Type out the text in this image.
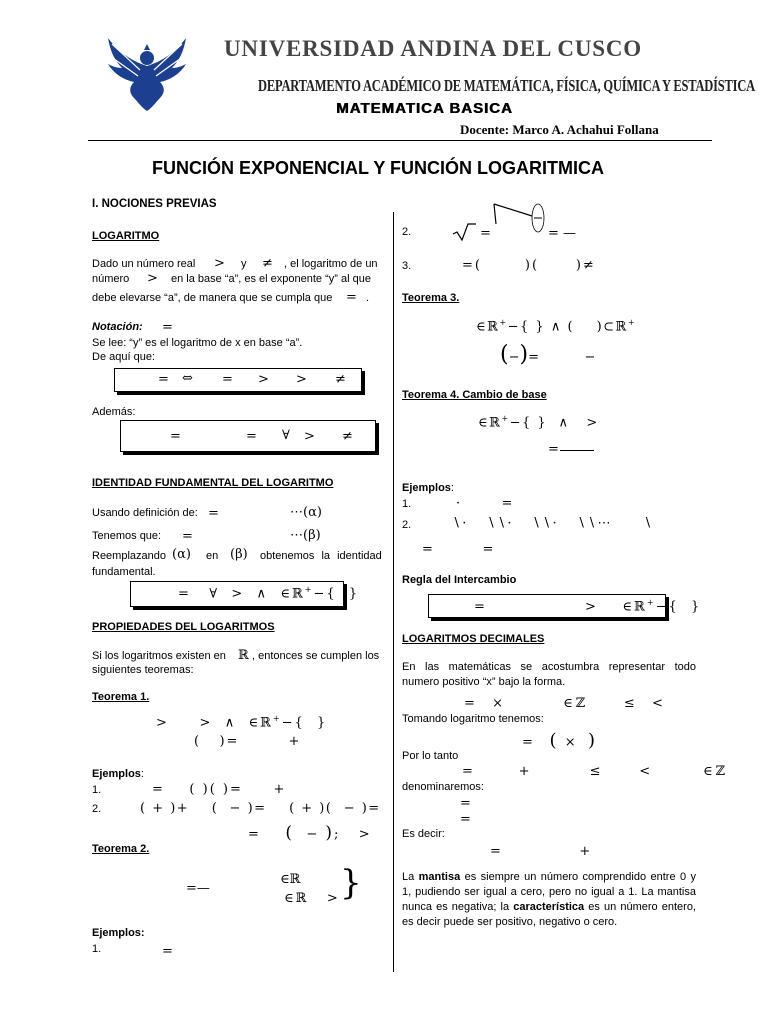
UNIVERSIDAD ANDINA DEL CUSCO
DEPARTAMENTO ACADÉMICO DE MATEMÁTICA, FÍSICA, QUÍMICA Y ESTADÍSTICA
MATEMATICA BASICA
Docente: Marco A. Achahui Follana
FUNCIÓN EXPONENCIAL Y FUNCIÓN LOGARITMICA
I. NOCIONES PREVIAS
LOGARITMO
Dado un número real > y ≠ , el logaritmo de un
número > en la base “a”, es el exponente “y” al que
debe elevarse “a”, de manera que se cumpla que = .
Notación: =
Se lee: “y” es el logaritmo de x en base “a”.
De aquí que:
= ⇔ = > > ≠
Además:
=	= ∀ > ≠
IDENTIDAD FUNDAMENTAL DEL LOGARITMO
Usando definición de: =	⋯(α)
Tenemos que: =	⋯(β)
Reemplazando (α) en (β) obtenemos la identidad
fundamental.
=   ∀  >  ∧  ∈ℝ+−{  }
PROPIEDADES DEL LOGARITMOS
Si los logaritmos existen en ℝ , entonces se cumplen los
siguientes teoremas:
Teorema 1.
>     >  ∧  ∈ℝ+−{  }
(   )=        +
Ejemplos:
1.	=    ( )( )=     +
2.	( + )+    (  − )=    ( + )(  − )=
=    (  − );   >
Teorema 2.
=—
∈ℝ
∈ℝ   > }
Ejemplos:
1.	=
2.	=	= —
3.	=(       )(      )≠
Teorema 3.
∈ℝ+−{ } ∧ (    )⊂ℝ+
(−)=           −
Teorema 4. Cambio de base
∈ℝ+−{ }  ∧   >
=
Ejemplos:
1.	·          =
2.	∖·   ∖∖·   ∖∖·   ∖∖⋯     ∖
=            =
Regla del Intercambio
=                >    ∈ℝ+−{  }
LOGARITMOS DECIMALES
En las matemáticas se acostumbra representar todo numero positivo “x” bajo la forma.
=  ×        ∈ℤ     ≤  <
Tomando logaritmo tenemos:
= (  ×   )
Por lo tanto
=      +        ≤     <       ∈ℤ
denominaremos:
=
=
Es decir:
=                   +
La mantisa es siempre un número comprendido entre 0 y 1, pudiendo ser igual a cero, pero no igual a 1. La mantisa nunca es negativa; la característica es un número entero, es decir puede ser positivo, negativo o cero.
